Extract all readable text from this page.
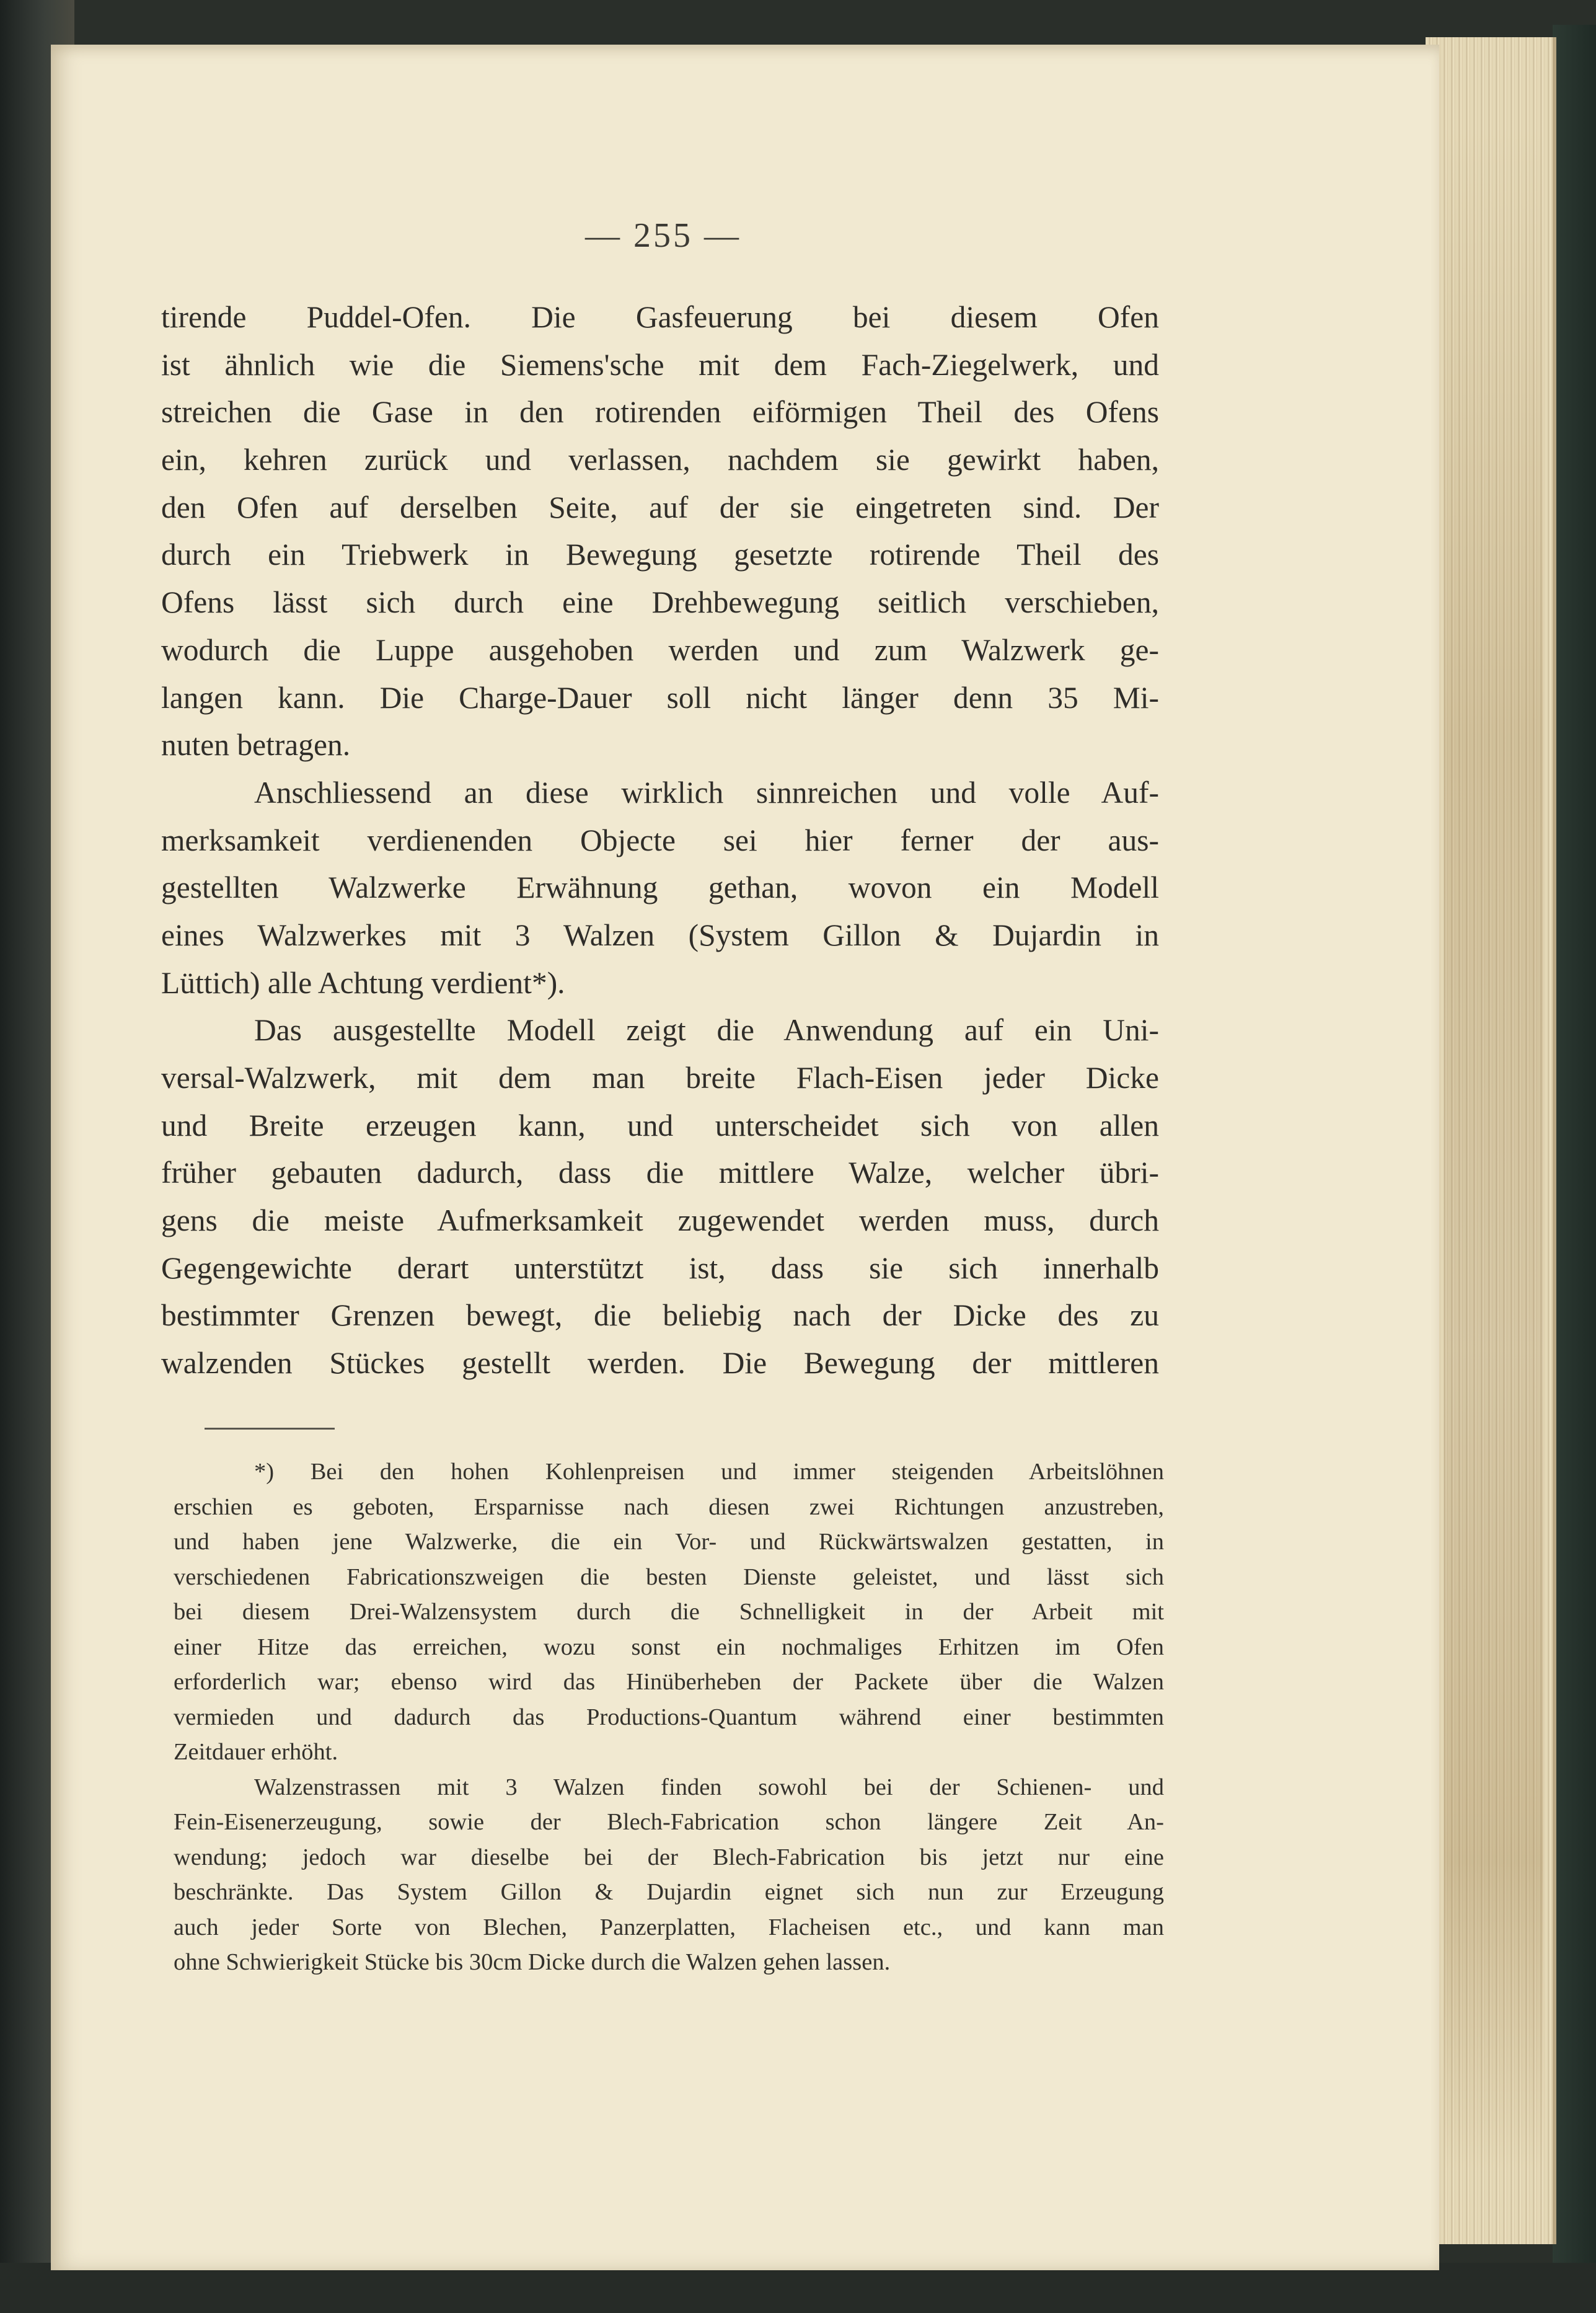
— 255 —
tirende Puddel-Ofen. Die Gasfeuerung bei diesem Ofen
ist ähnlich wie die Siemens'sche mit dem Fach-Ziegelwerk, und
streichen die Gase in den rotirenden eiförmigen Theil des Ofens
ein, kehren zurück und verlassen, nachdem sie gewirkt haben,
den Ofen auf derselben Seite, auf der sie eingetreten sind. Der
durch ein Triebwerk in Bewegung gesetzte rotirende Theil des
Ofens lässt sich durch eine Drehbewegung seitlich verschieben,
wodurch die Luppe ausgehoben werden und zum Walzwerk ge-
langen kann. Die Charge-Dauer soll nicht länger denn 35 Mi-
nuten betragen.
Anschliessend an diese wirklich sinnreichen und volle Auf-
merksamkeit verdienenden Objecte sei hier ferner der aus-
gestellten Walzwerke Erwähnung gethan, wovon ein Modell
eines Walzwerkes mit 3 Walzen (System Gillon & Dujardin in
Lüttich) alle Achtung verdient*).
Das ausgestellte Modell zeigt die Anwendung auf ein Uni-
versal-Walzwerk, mit dem man breite Flach-Eisen jeder Dicke
und Breite erzeugen kann, und unterscheidet sich von allen
früher gebauten dadurch, dass die mittlere Walze, welcher übri-
gens die meiste Aufmerksamkeit zugewendet werden muss, durch
Gegengewichte derart unterstützt ist, dass sie sich innerhalb
bestimmter Grenzen bewegt, die beliebig nach der Dicke des zu
walzenden Stückes gestellt werden. Die Bewegung der mittleren
*) Bei den hohen Kohlenpreisen und immer steigenden Arbeitslöhnen
erschien es geboten, Ersparnisse nach diesen zwei Richtungen anzustreben,
und haben jene Walzwerke, die ein Vor- und Rückwärtswalzen gestatten, in
verschiedenen Fabricationszweigen die besten Dienste geleistet, und lässt sich
bei diesem Drei-Walzensystem durch die Schnelligkeit in der Arbeit mit
einer Hitze das erreichen, wozu sonst ein nochmaliges Erhitzen im Ofen
erforderlich war; ebenso wird das Hinüberheben der Packete über die Walzen
vermieden und dadurch das Productions-Quantum während einer bestimmten
Zeitdauer erhöht.
Walzenstrassen mit 3 Walzen finden sowohl bei der Schienen- und
Fein-Eisenerzeugung, sowie der Blech-Fabrication schon längere Zeit An-
wendung; jedoch war dieselbe bei der Blech-Fabrication bis jetzt nur eine
beschränkte. Das System Gillon & Dujardin eignet sich nun zur Erzeugung
auch jeder Sorte von Blechen, Panzerplatten, Flacheisen etc., und kann man
ohne Schwierigkeit Stücke bis 30cm Dicke durch die Walzen gehen lassen.
